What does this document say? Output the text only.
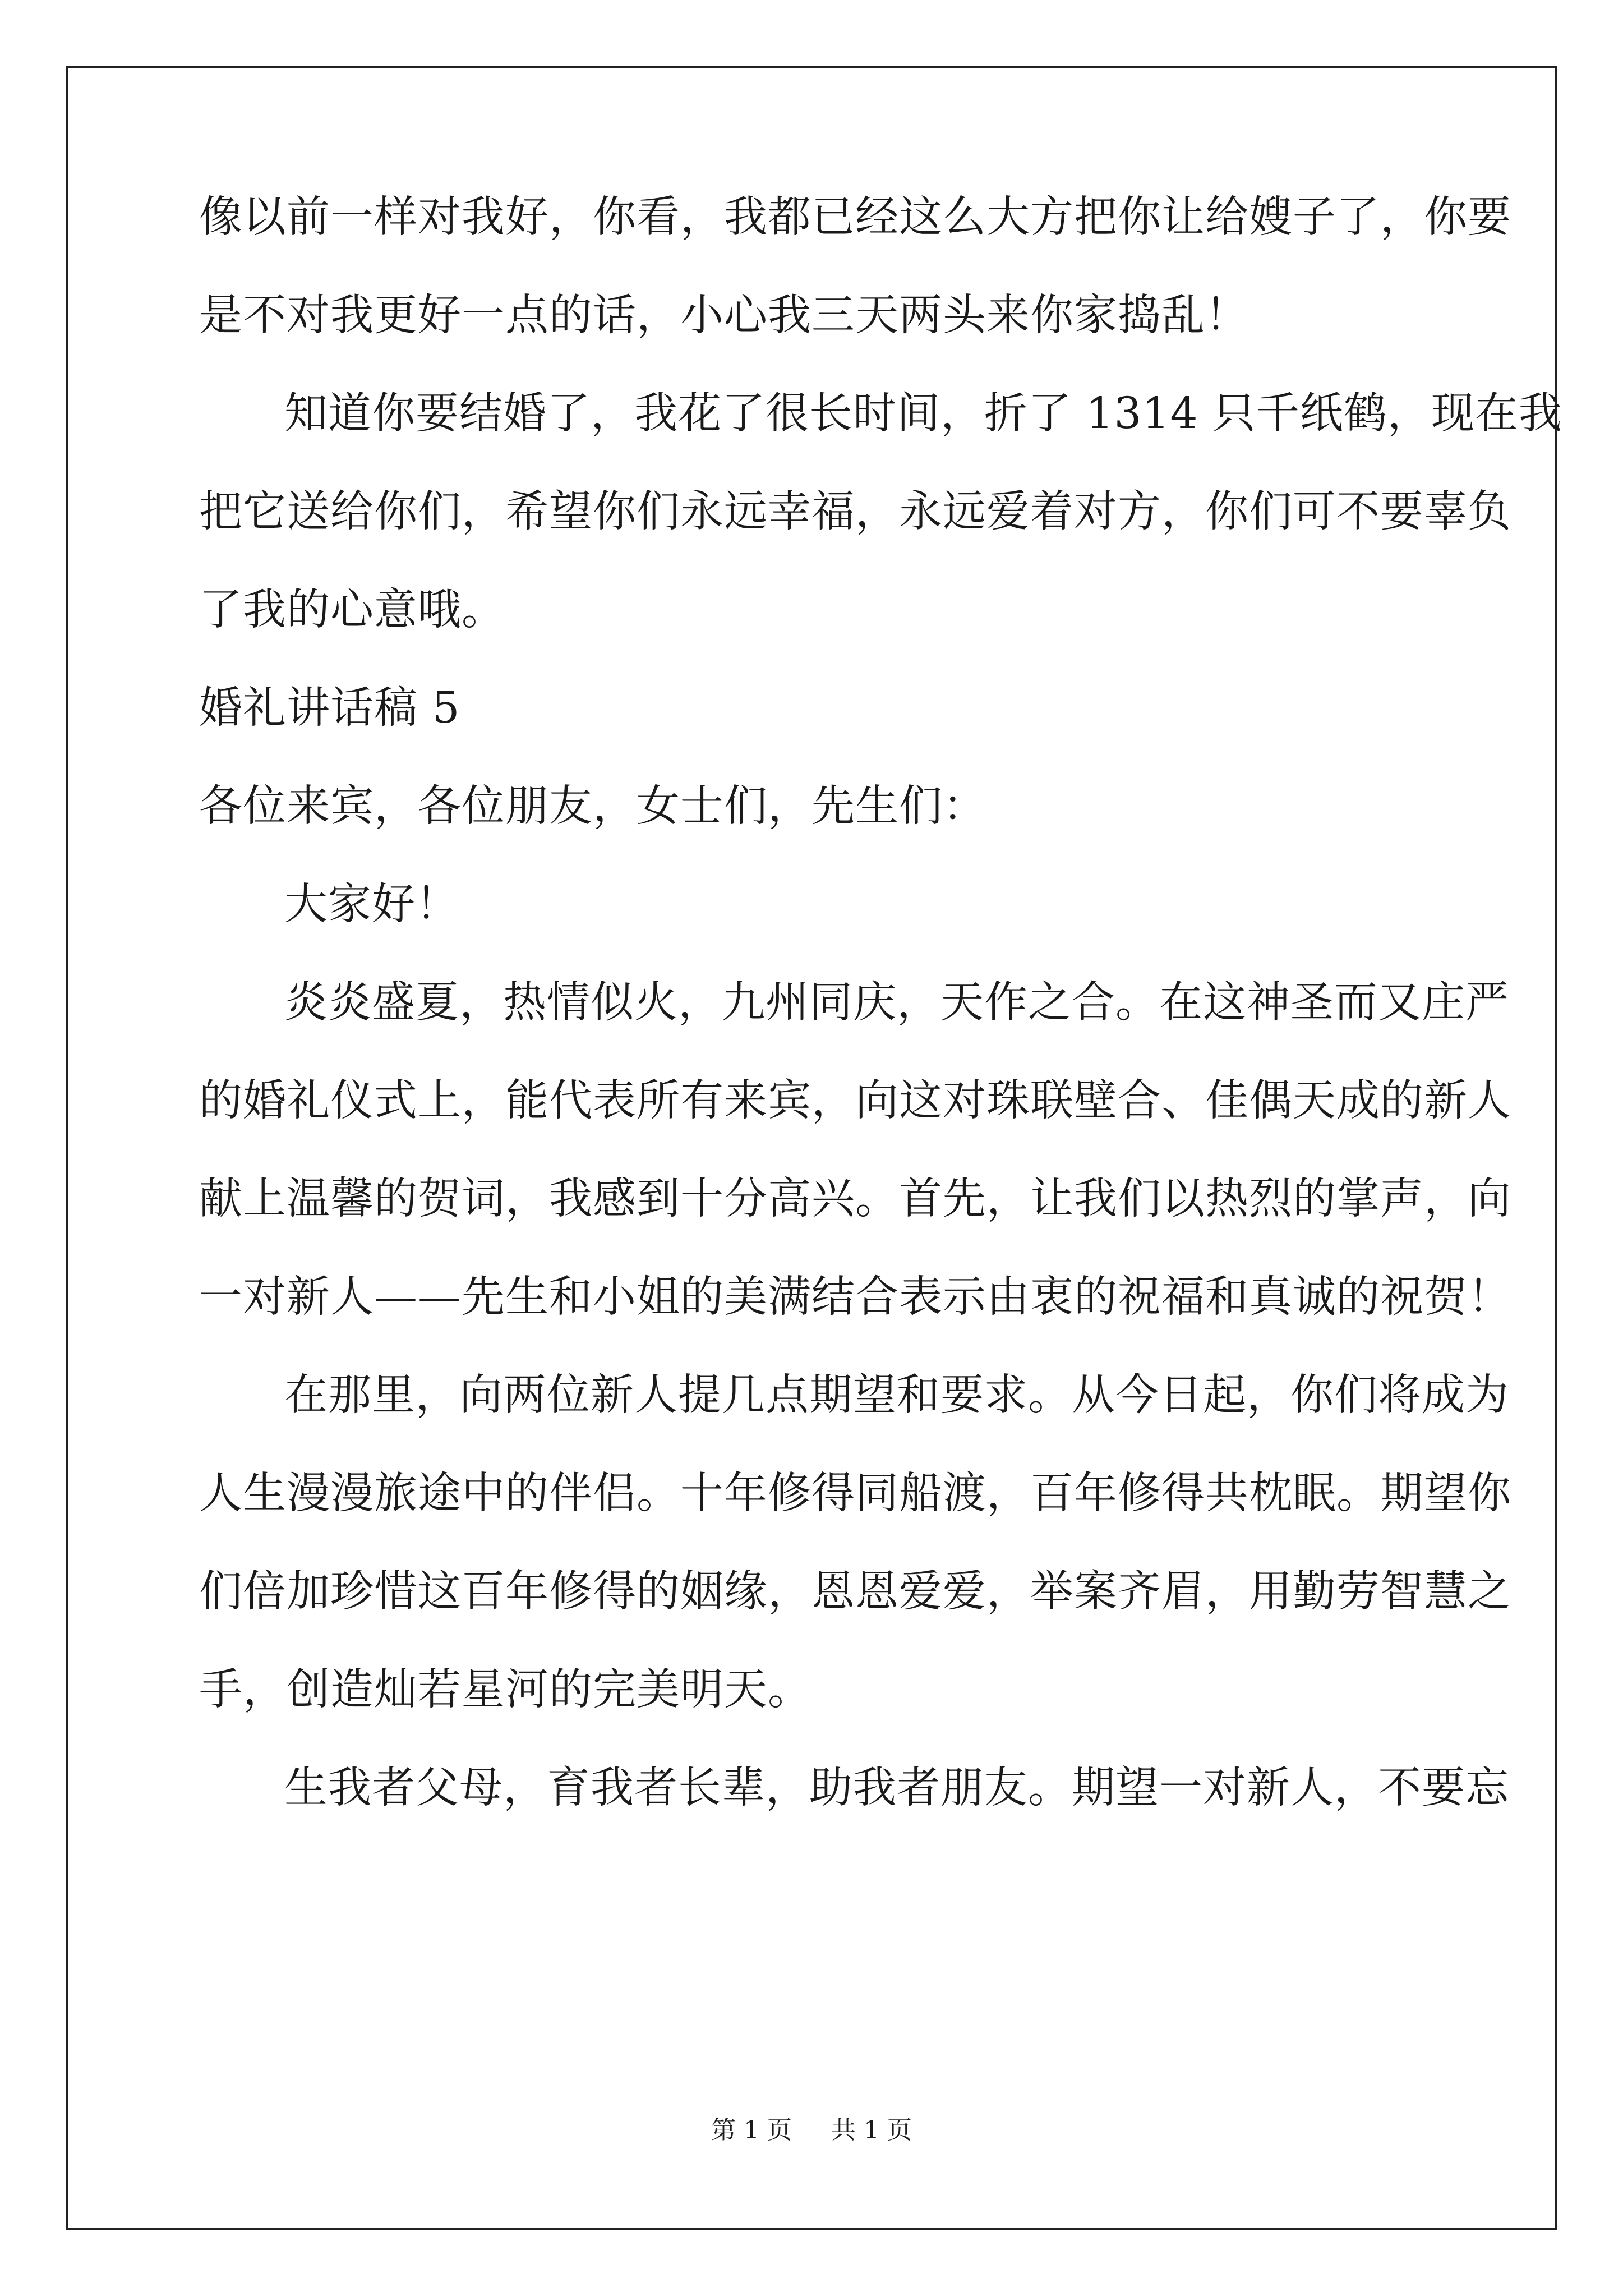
像以前一样对我好，你看，我都已经这么大方把你让给嫂子了，你要
是不对我更好一点的话，小心我三天两头来你家捣乱！
知道你要结婚了，我花了很长时间，折了 1314 只千纸鹤，现在我
把它送给你们，希望你们永远幸福，永远爱着对方，你们可不要辜负
了我的心意哦。
婚礼讲话稿 5
各位来宾，各位朋友，女士们，先生们：
大家好！
炎炎盛夏，热情似火，九州同庆，天作之合。在这神圣而又庄严
的婚礼仪式上，能代表所有来宾，向这对珠联壁合、佳偶天成的新人
献上温馨的贺词，我感到十分高兴。首先，让我们以热烈的掌声，向
一对新人——先生和小姐的美满结合表示由衷的祝福和真诚的祝贺！
在那里，向两位新人提几点期望和要求。从今日起，你们将成为
人生漫漫旅途中的伴侣。十年修得同船渡，百年修得共枕眠。期望你
们倍加珍惜这百年修得的姻缘，恩恩爱爱，举案齐眉，用勤劳智慧之
手，创造灿若星河的完美明天。
生我者父母，育我者长辈，助我者朋友。期望一对新人，不要忘
第 1 页 共 1 页
